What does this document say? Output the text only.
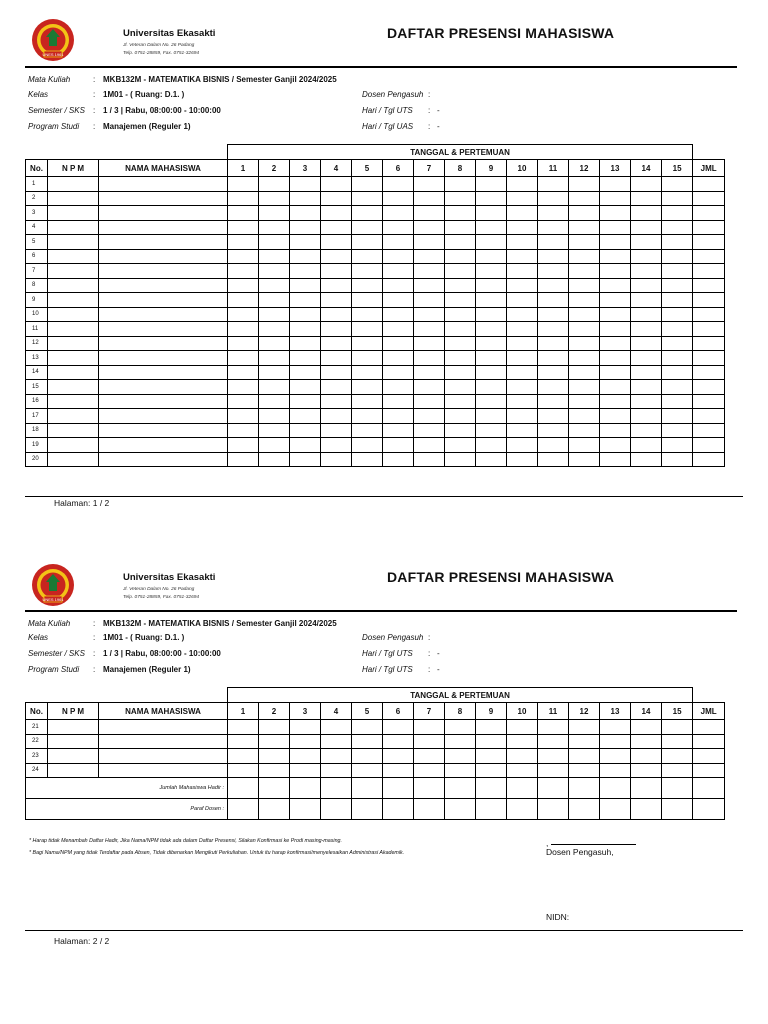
UNES 1961
Universitas Ekasakti
Jl. Veteran Dalam No. 26 Padang
Telp. 0751-28859, Fax. 0751-32694
DAFTAR PRESENSI MAHASISWA
Mata Kuliah	: MKB132M - MATEMATIKA BISNIS / Semester Ganjil 2024/2025
Kelas	: 1M01 - ( Ruang: D.1. )
Semester / SKS : 1 / 3 | Rabu, 08:00:00 - 10:00:00
Program Studi : Manajemen (Reguler 1)
Dosen Pengasuh :
Hari / Tgl UTS : -
Hari / Tgl UAS : -
			TANGGAL & PERTEMUAN															
No.	N P M	NAMA MAHASISWA	1	2	3	4	5	6	7	8	9	10	11	12	13	14	15	JML
1																		
2																		
3																		
4																		
5																		
6																		
7																		
8																		
9																		
10																		
11																		
12																		
13																		
14																		
15																		
16																		
17																		
18																		
19																		
20																		
Halaman: 1 / 2
UNES 1961
Universitas Ekasakti
Jl. Veteran Dalam No. 26 Padang
Telp. 0751-28859, Fax. 0751-32694
DAFTAR PRESENSI MAHASISWA
Mata Kuliah	: MKB132M - MATEMATIKA BISNIS / Semester Ganjil 2024/2025
Kelas	: 1M01 - ( Ruang: D.1. )
Semester / SKS : 1 / 3 | Rabu, 08:00:00 - 10:00:00
Program Studi : Manajemen (Reguler 1)
Dosen Pengasuh :
Hari / Tgl UTS : -
Hari / Tgl UTS : -
			TANGGAL & PERTEMUAN															
No.	N P M	NAMA MAHASISWA	1	2	3	4	5	6	7	8	9	10	11	12	13	14	15	JML
21																		
22																		
23																		
24																		
Jumlah Mahasiswa Hadir :																		
Paraf Dosen :																		
* Harap tidak Menambah Daftar Hadir, Jika Nama/NPM tidak ada dalam Daftar Presensi, Silakan Konfirmasi ke Prodi masing-masing.
* Bagi Nama/NPM yang tidak Terdaftar pada Absen, Tidak dibenarkan Mengikuti Perkuliahan. Untuk itu harap konfirmasi/menyelesaikan Administrasi Akademik.
,
Dosen Pengasuh,
NIDN:
Halaman: 2 / 2
